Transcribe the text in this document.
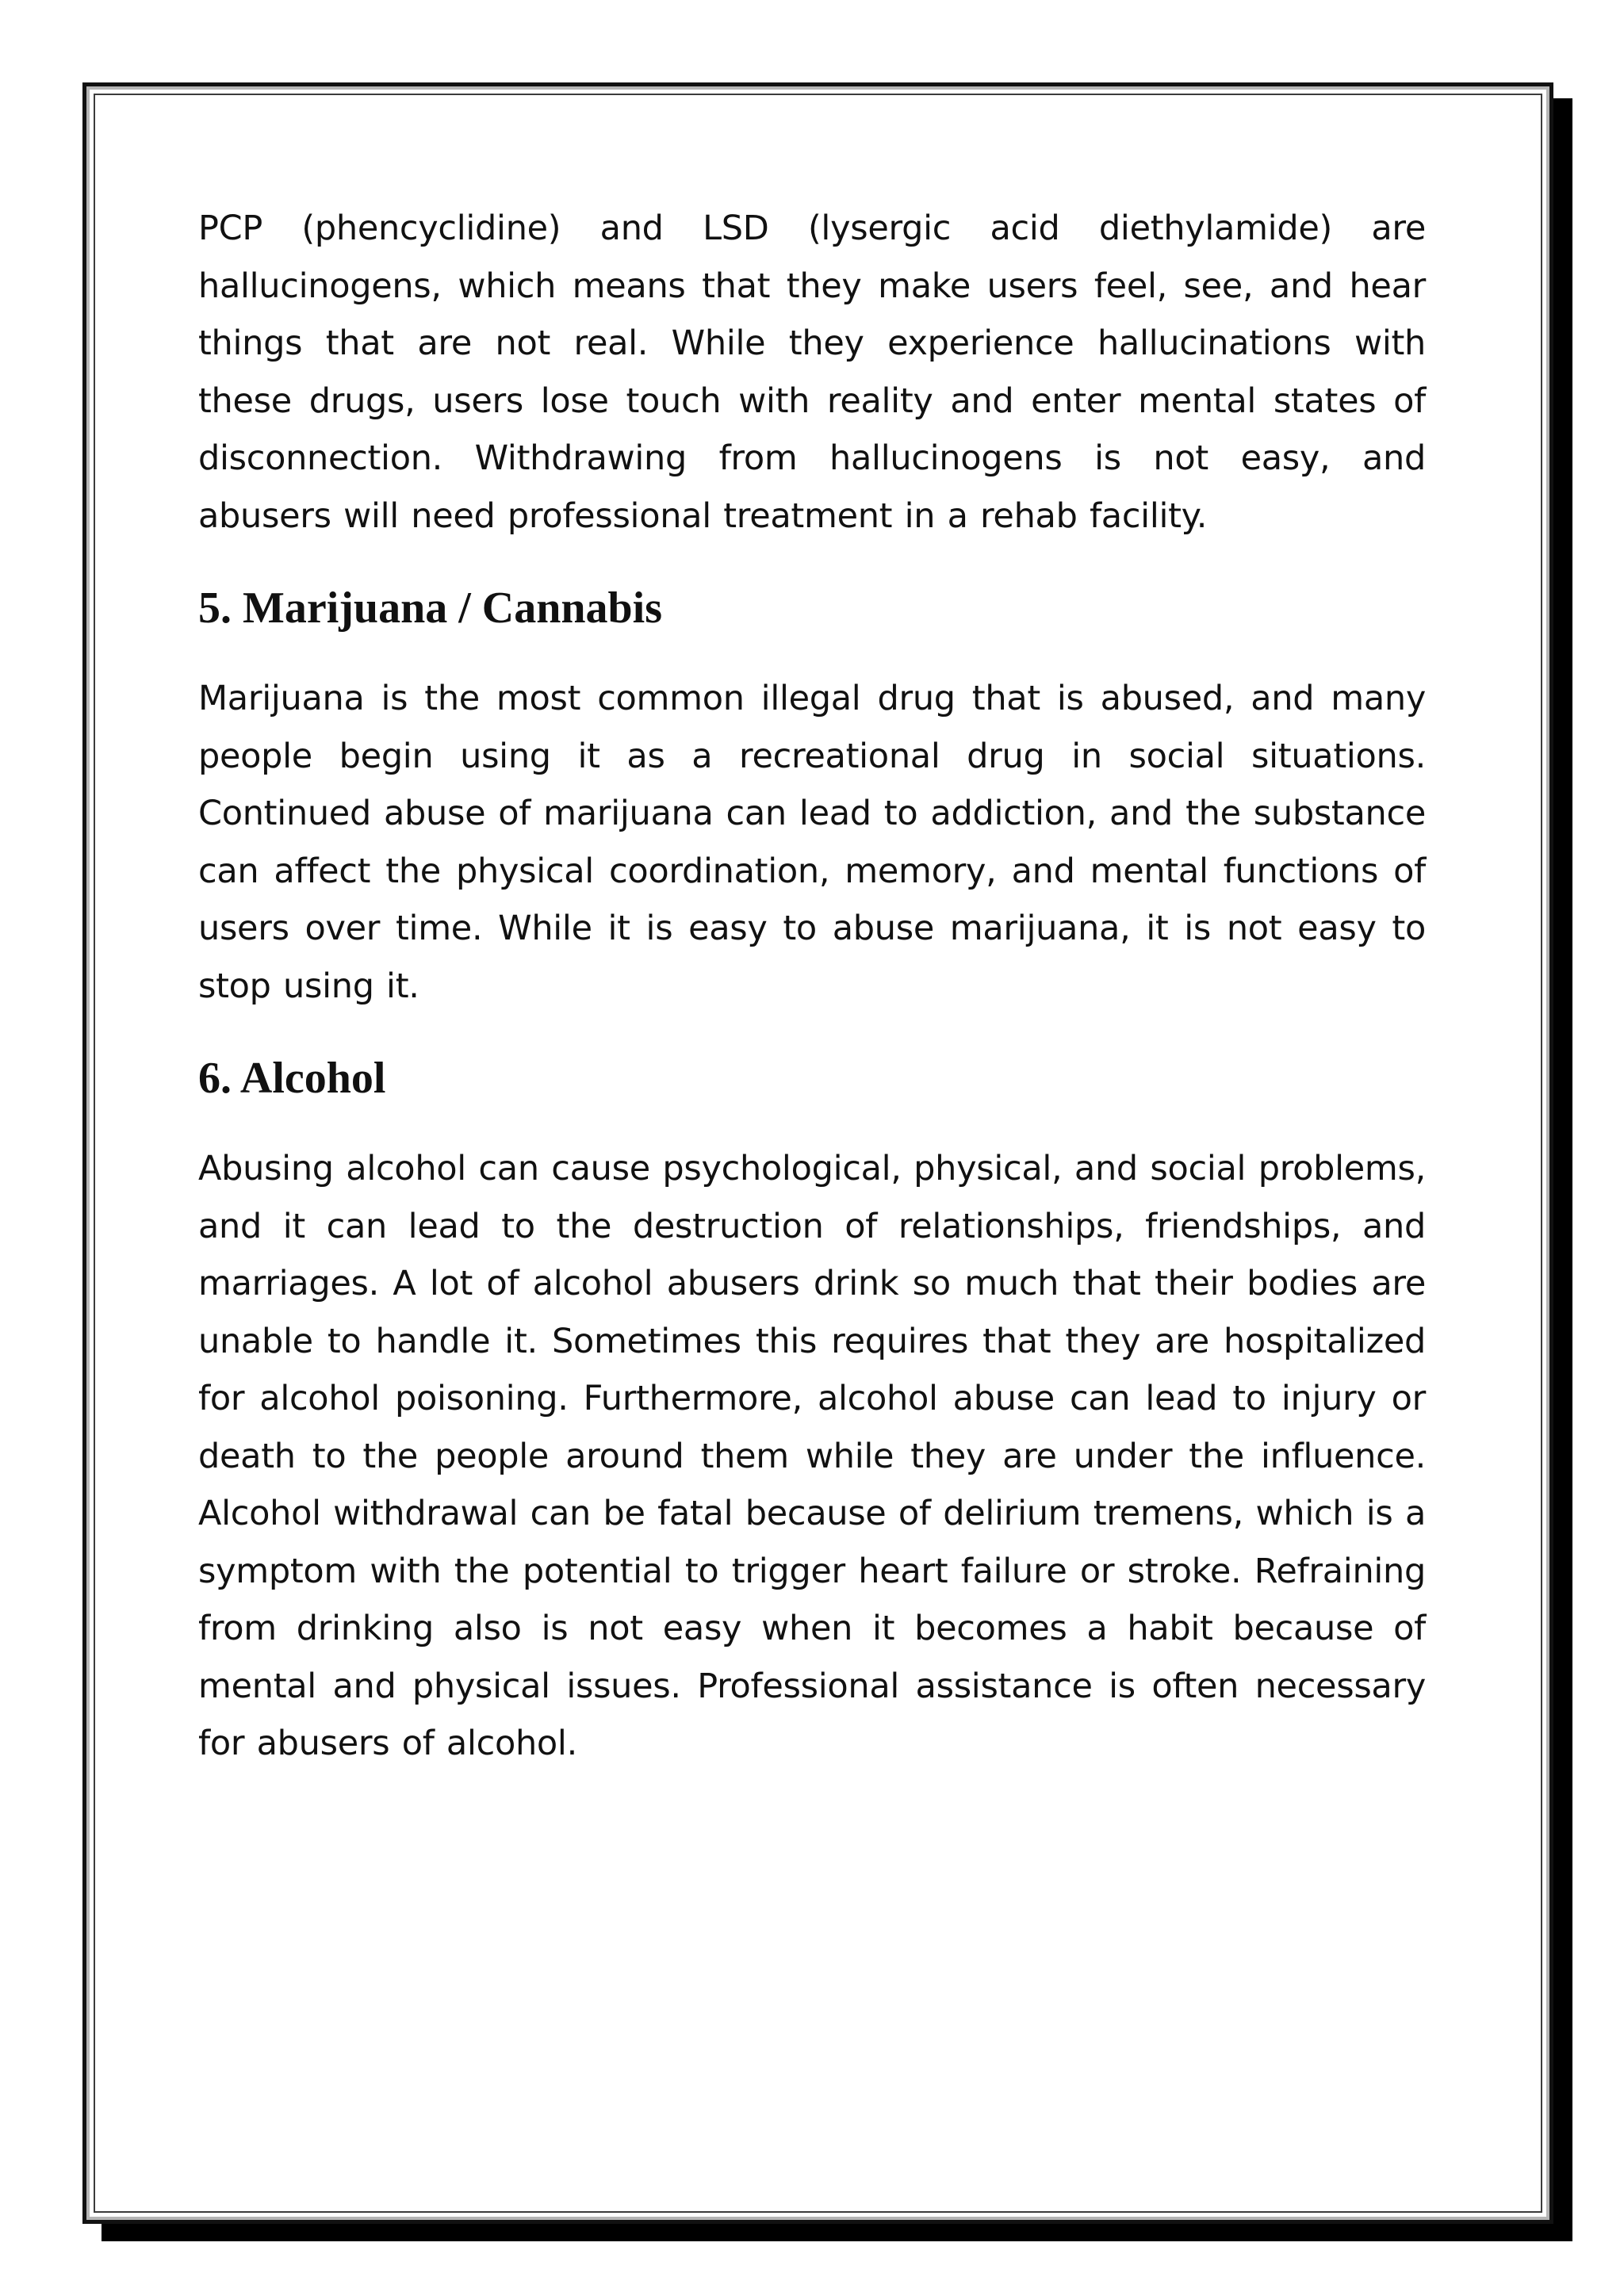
PCP (phencyclidine) and LSD (lysergic acid diethylamide) are hallucinogens, which means that they make users feel, see, and hear things that are not real. While they experience hallucinations with these drugs, users lose touch with reality and enter mental states of disconnection. Withdrawing from hallucinogens is not easy, and abusers will need professional treatment in a rehab facility.

5. Marijuana / Cannabis

Marijuana is the most common illegal drug that is abused, and many people begin using it as a recreational drug in social situations. Continued abuse of marijuana can lead to addiction, and the substance can affect the physical coordination, memory, and mental functions of users over time. While it is easy to abuse marijuana, it is not easy to stop using it.

6. Alcohol

Abusing alcohol can cause psychological, physical, and social problems, and it can lead to the destruction of relationships, friendships, and marriages. A lot of alcohol abusers drink so much that their bodies are unable to handle it. Sometimes this requires that they are hospitalized for alcohol poisoning. Furthermore, alcohol abuse can lead to injury or death to the people around them while they are under the influence. Alcohol withdrawal can be fatal because of delirium tremens, which is a symptom with the potential to trigger heart failure or stroke. Refraining from drinking also is not easy when it becomes a habit because of mental and physical issues. Professional assistance is often necessary for abusers of alcohol.
